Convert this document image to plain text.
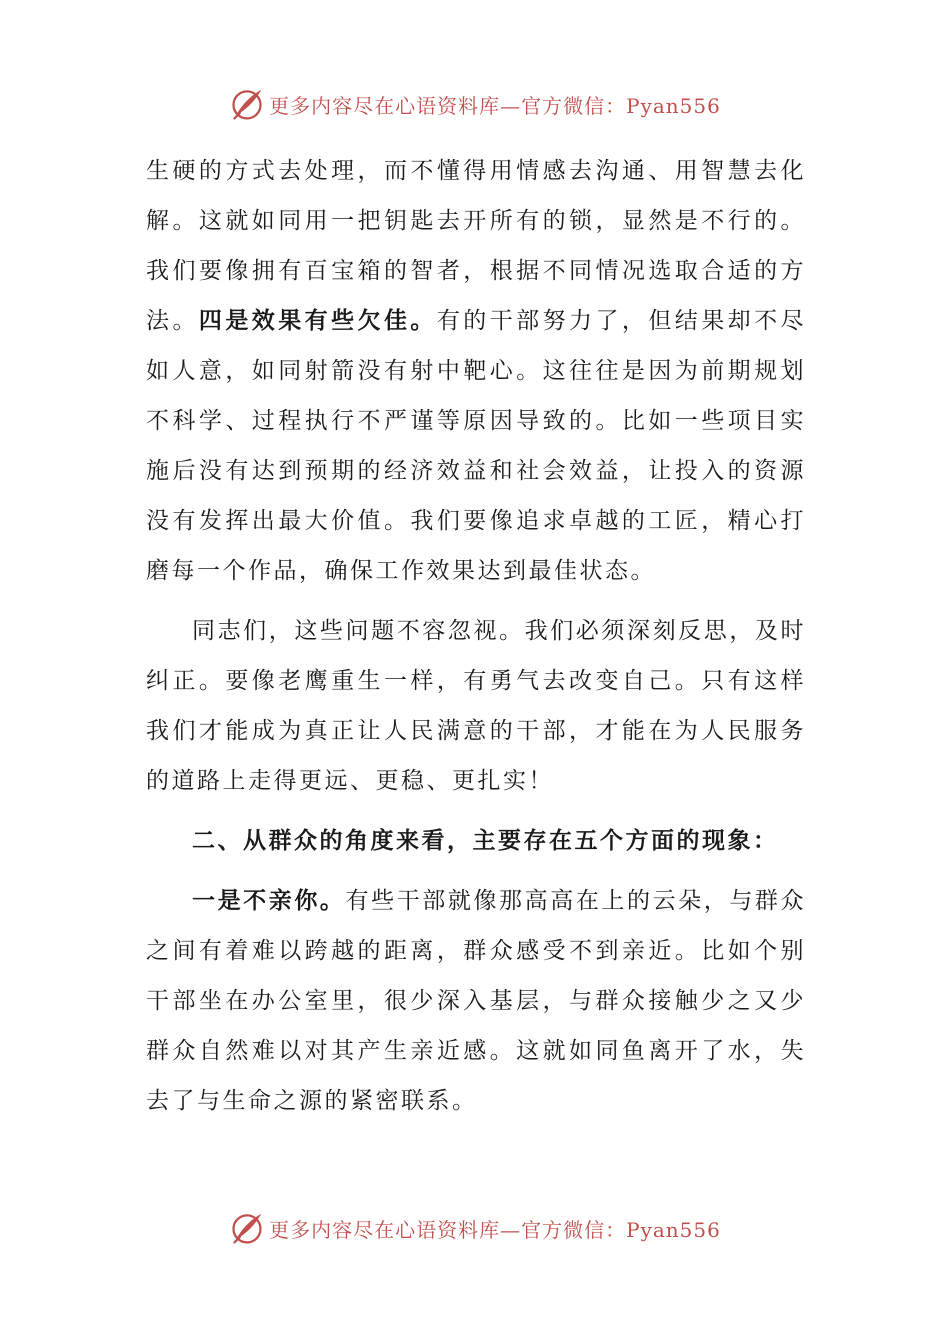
更多内容尽在心语资料库—官方微信：Pyan556

生硬的方式去处理，而不懂得用情感去沟通、用智慧去化解。这就如同用一把钥匙去开所有的锁，显然是不行的。我们要像拥有百宝箱的智者，根据不同情况选取合适的方法。四是效果有些欠佳。有的干部努力了，但结果却不尽如人意，如同射箭没有射中靶心。这往往是因为前期规划不科学、过程执行不严谨等原因导致的。比如一些项目实施后没有达到预期的经济效益和社会效益，让投入的资源没有发挥出最大价值。我们要像追求卓越的工匠，精心打磨每一个作品，确保工作效果达到最佳状态。

同志们，这些问题不容忽视。我们必须深刻反思，及时纠正。要像老鹰重生一样，有勇气去改变自己。只有这样我们才能成为真正让人民满意的干部，才能在为人民服务的道路上走得更远、更稳、更扎实！

二、从群众的角度来看，主要存在五个方面的现象：

一是不亲你。有些干部就像那高高在上的云朵，与群众之间有着难以跨越的距离，群众感受不到亲近。比如个别干部坐在办公室里，很少深入基层，与群众接触少之又少群众自然难以对其产生亲近感。这就如同鱼离开了水，失去了与生命之源的紧密联系。

更多内容尽在心语资料库—官方微信：Pyan556
